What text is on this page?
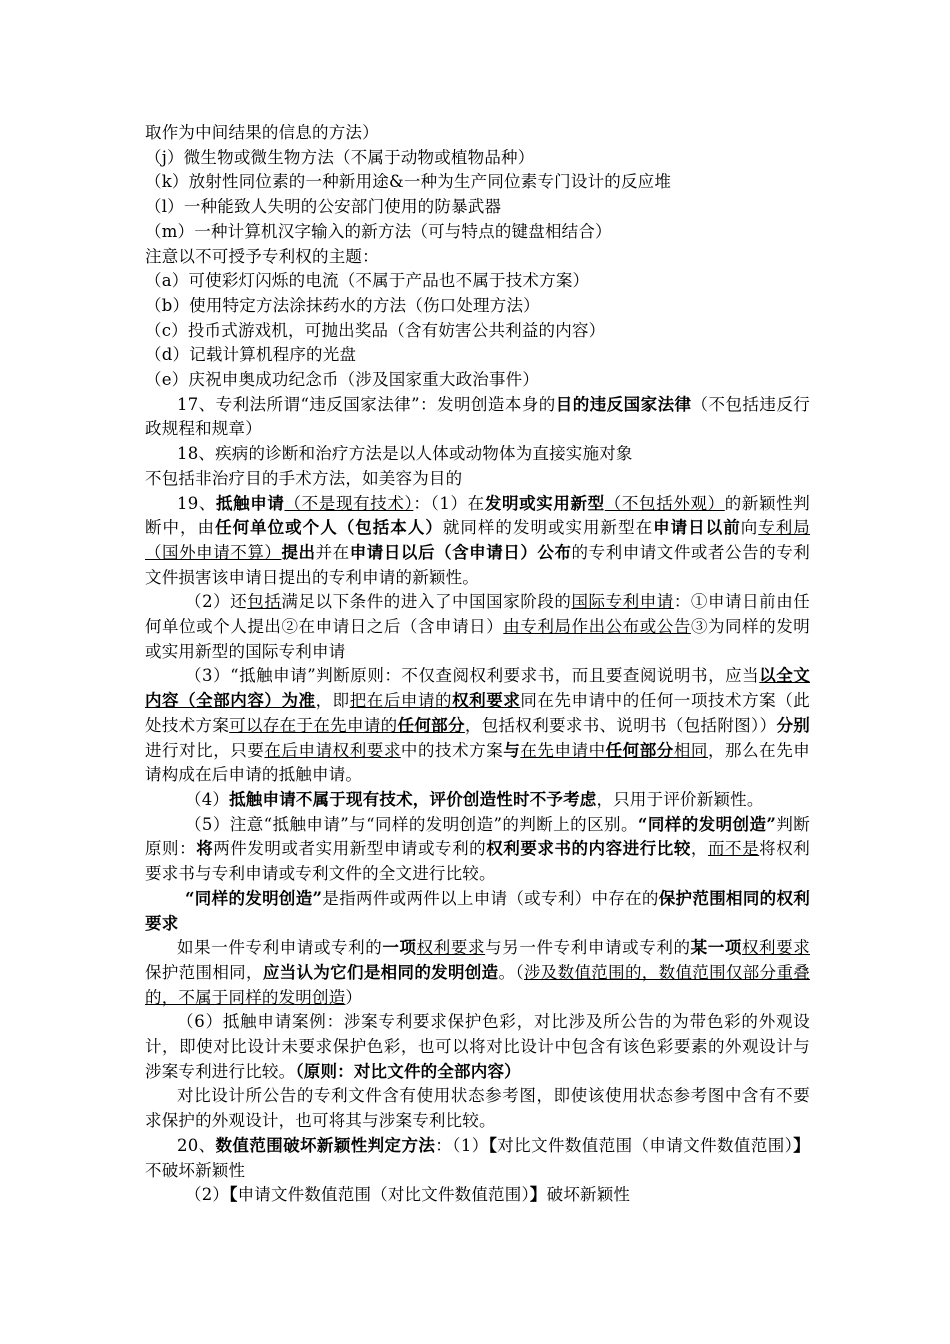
取作为中间结果的信息的方法）

（j）微生物或微生物方法（不属于动物或植物品种）

（k）放射性同位素的一种新用途&一种为生产同位素专门设计的反应堆

（l）一种能致人失明的公安部门使用的防暴武器

（m）一种计算机汉字输入的新方法（可与特点的键盘相结合）

注意以不可授予专利权的主题：

（a）可使彩灯闪烁的电流（不属于产品也不属于技术方案）

（b）使用特定方法涂抹药水的方法（伤口处理方法）

（c）投币式游戏机，可抛出奖品（含有妨害公共利益的内容）

（d）记载计算机程序的光盘

（e）庆祝申奥成功纪念币（涉及国家重大政治事件）

17、专利法所谓“违反国家法律”：发明创造本身的目的违反国家法律（不包括违反行政规程和规章）

18、疾病的诊断和治疗方法是以人体或动物体为直接实施对象

不包括非治疗目的手术方法，如美容为目的

19、抵触申请（不是现有技术）：（1）在发明或实用新型（不包括外观）的新颖性判断中，由任何单位或个人（包括本人）就同样的发明或实用新型在申请日以前向专利局（国外申请不算）提出并在申请日以后（含申请日）公布的专利申请文件或者公告的专利文件损害该申请日提出的专利申请的新颖性。

（2）还包括满足以下条件的进入了中国国家阶段的国际专利申请：①申请日前由任何单位或个人提出②在申请日之后（含申请日）由专利局作出公布或公告③为同样的发明或实用新型的国际专利申请

（3）“抵触申请”判断原则：不仅查阅权利要求书，而且要查阅说明书，应当以全文内容（全部内容）为准，即把在后申请的权利要求同在先申请中的任何一项技术方案（此处技术方案可以存在于在先申请的任何部分，包括权利要求书、说明书（包括附图））分别进行对比，只要在后申请权利要求中的技术方案与在先申请中任何部分相同，那么在先申请构成在后申请的抵触申请。

（4）抵触申请不属于现有技术，评价创造性时不予考虑，只用于评价新颖性。

（5）注意“抵触申请”与“同样的发明创造”的判断上的区别。“同样的发明创造”判断原则：将两件发明或者实用新型申请或专利的权利要求书的内容进行比较，而不是将权利要求书与专利申请或专利文件的全文进行比较。

“同样的发明创造”是指两件或两件以上申请（或专利）中存在的保护范围相同的权利要求

如果一件专利申请或专利的一项权利要求与另一件专利申请或专利的某一项权利要求保护范围相同，应当认为它们是相同的发明创造。（涉及数值范围的，数值范围仅部分重叠的，不属于同样的发明创造）

（6）抵触申请案例：涉案专利要求保护色彩，对比涉及所公告的为带色彩的外观设计，即使对比设计未要求保护色彩，也可以将对比设计中包含有该色彩要素的外观设计与涉案专利进行比较。（原则：对比文件的全部内容）

对比设计所公告的专利文件含有使用状态参考图，即使该使用状态参考图中含有不要求保护的外观设计，也可将其与涉案专利比较。

20、数值范围破坏新颖性判定方法：（1）【对比文件数值范围（申请文件数值范围）】不破坏新颖性

（2）【申请文件数值范围（对比文件数值范围）】破坏新颖性
